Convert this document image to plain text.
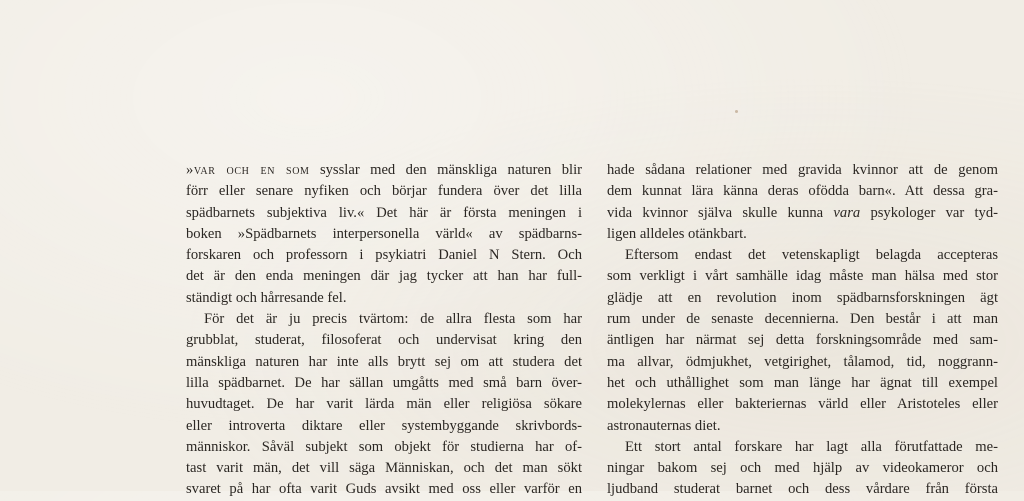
»var och en som sysslar med den mänskliga naturen blir
förr eller senare nyfiken och börjar fundera över det lilla
spädbarnets subjektiva liv.« Det här är första meningen i
boken »Spädbarnets interpersonella värld« av spädbarns-
forskaren och professorn i psykiatri Daniel N Stern. Och
det är den enda meningen där jag tycker att han har full-

ständigt och hårresande fel.

För det är ju precis tvärtom: de allra flesta som har
grubblat, studerat, filosoferat och undervisat kring den
mänskliga naturen har inte alls brytt sej om att studera det
lilla spädbarnet. De har sällan umgåtts med små barn över-
huvudtaget. De har varit lärda män eller religiösa sökare
eller introverta diktare eller systembyggande skrivbords-
människor. Såväl subjekt som objekt för studierna har of-
tast varit män, det vill säga Människan, och det man sökt
svaret på har ofta varit Guds avsikt med oss eller varför en

hade sådana relationer med gravida kvinnor att de genom
dem kunnat lära känna deras ofödda barn«. Att dessa gra-
vida kvinnor själva skulle kunna vara psykologer var tyd-

ligen alldeles otänkbart.

Eftersom endast det vetenskapligt belagda accepteras
som verkligt i vårt samhälle idag måste man hälsa med stor
glädje att en revolution inom spädbarnsforskningen ägt
rum under de senaste decennierna. Den består i att man
äntligen har närmat sej detta forskningsområde med sam-
ma allvar, ödmjukhet, vetgirighet, tålamod, tid, noggrann-
het och uthållighet som man länge har ägnat till exempel
molekylernas eller bakteriernas värld eller Aristoteles eller

astronauternas diet.

Ett stort antal forskare har lagt alla förutfattade me-
ningar bakom sej och med hjälp av videokameror och
ljudband studerat barnet och dess vårdare från första
